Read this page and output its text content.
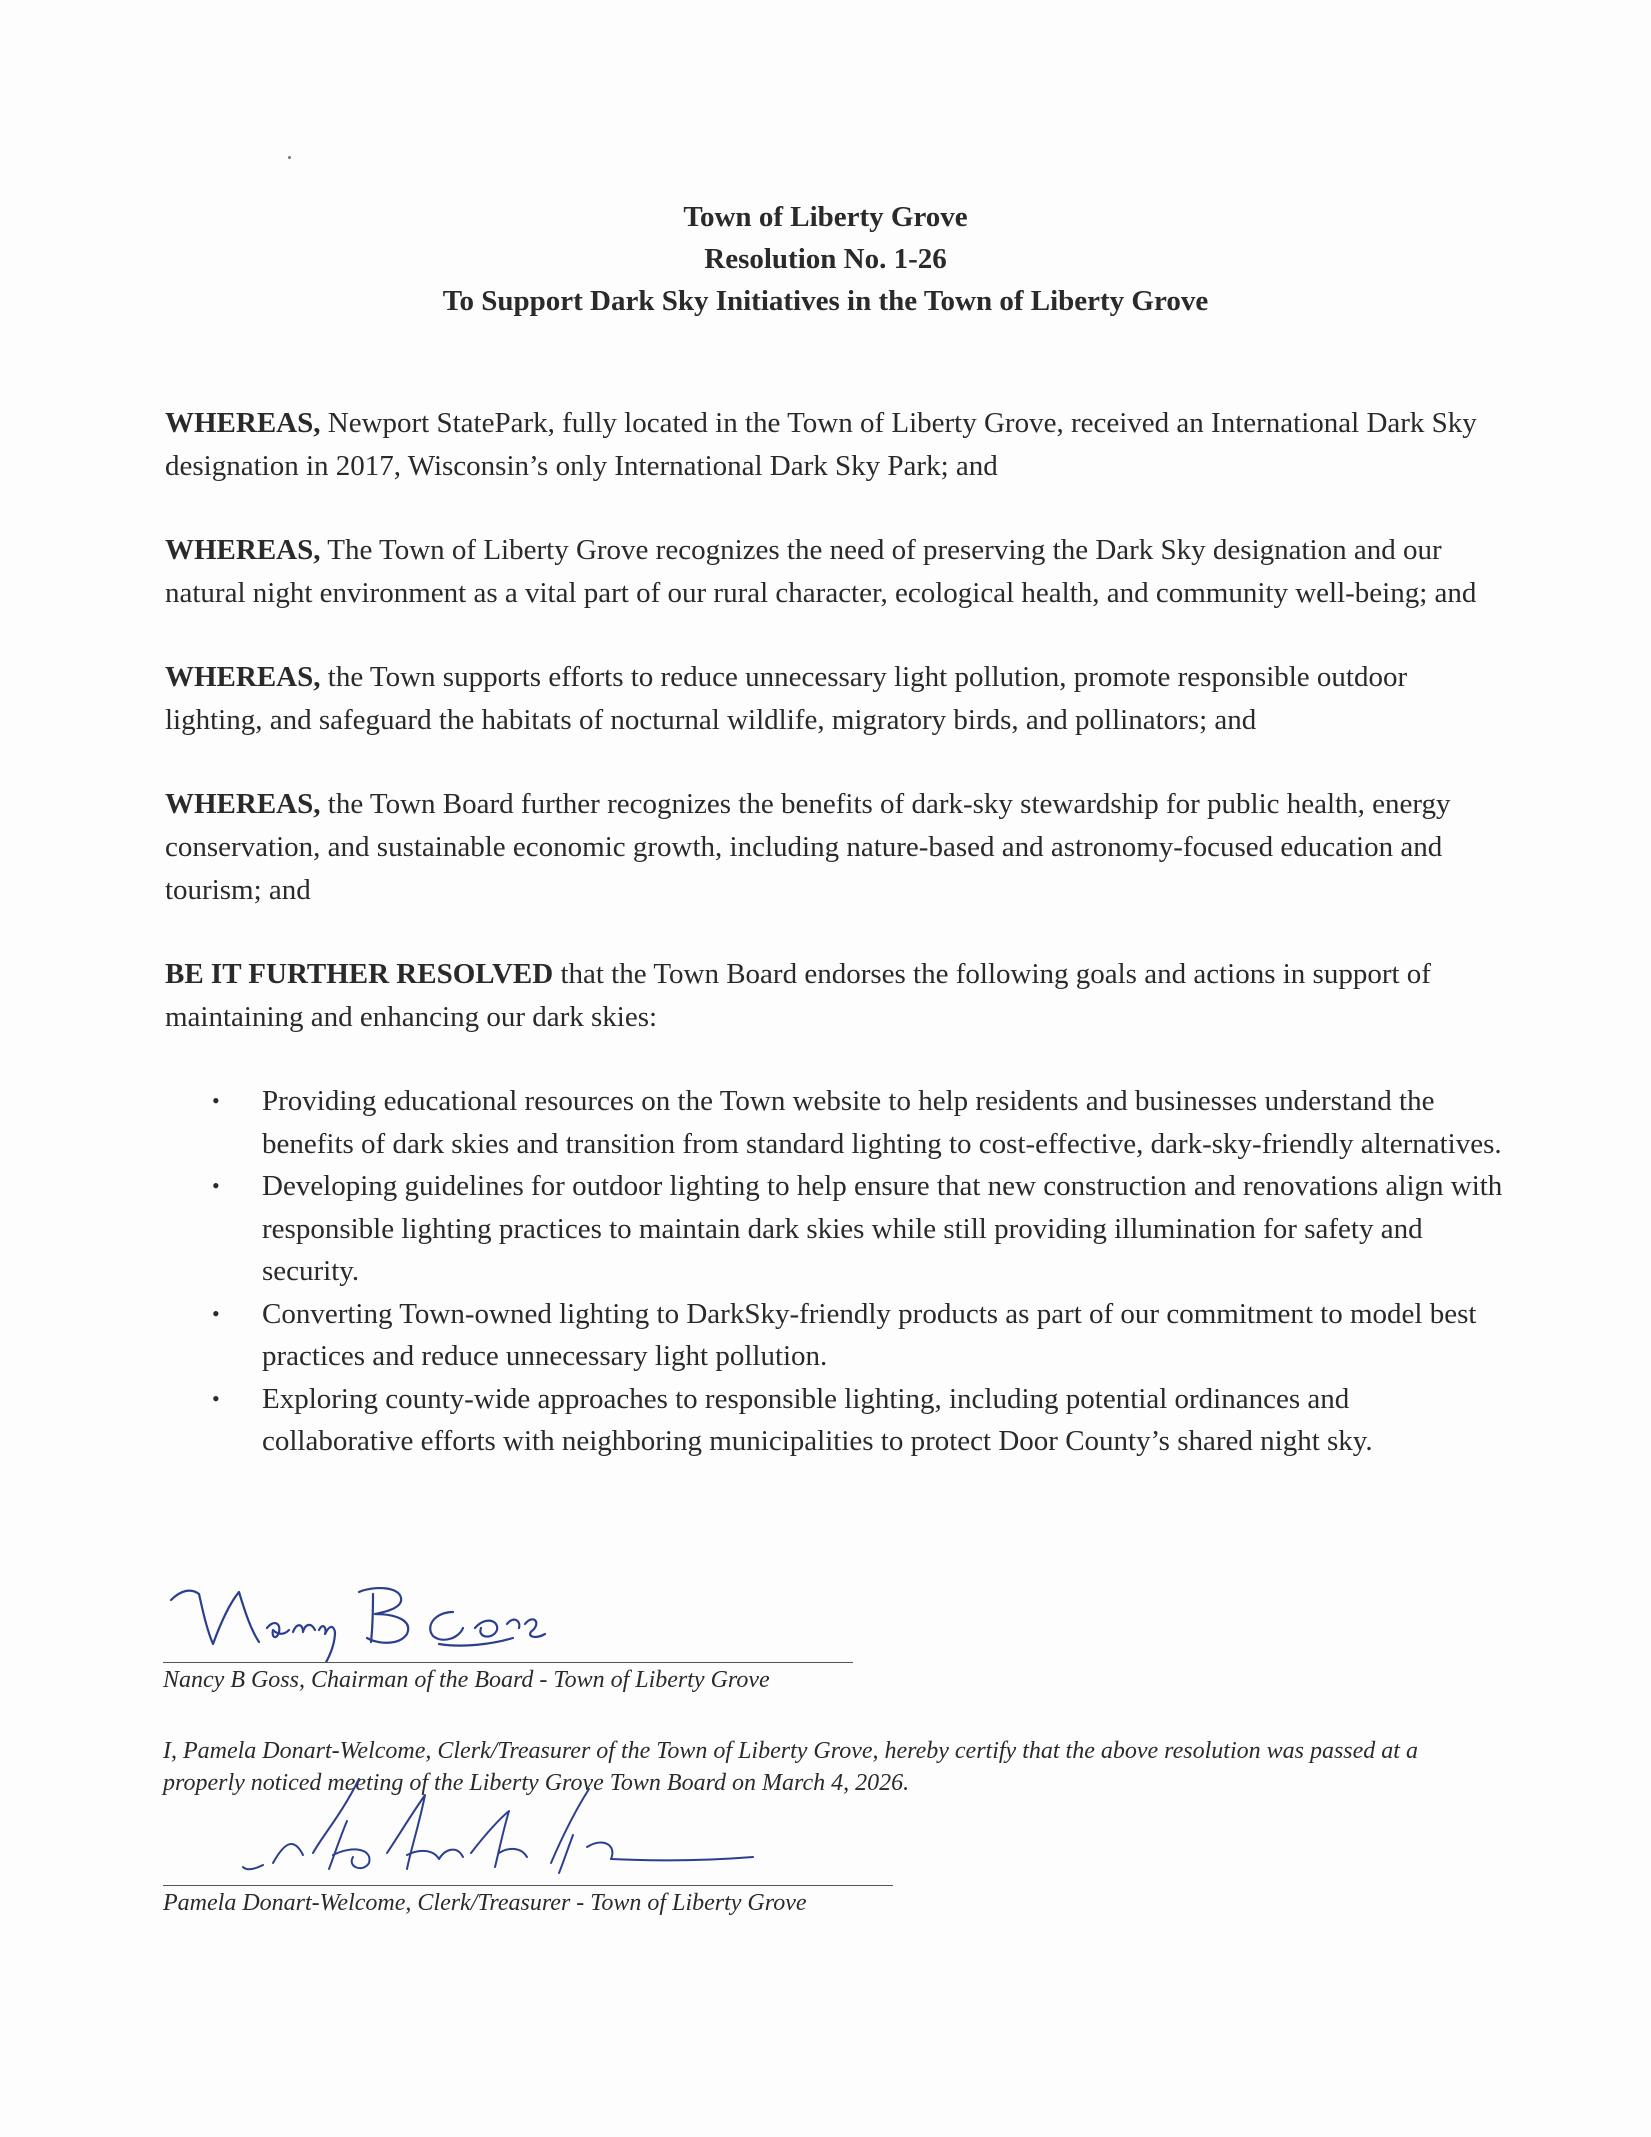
Town of Liberty Grove
Resolution No. 1-26
To Support Dark Sky Initiatives in the Town of Liberty Grove

WHEREAS, Newport StatePark, fully located in the Town of Liberty Grove, received an International Dark Sky designation in 2017, Wisconsin’s only International Dark Sky Park; and

WHEREAS, The Town of Liberty Grove recognizes the need of preserving the Dark Sky designation and our natural night environment as a vital part of our rural character, ecological health, and community well-being; and

WHEREAS, the Town supports efforts to reduce unnecessary light pollution, promote responsible outdoor lighting, and safeguard the habitats of nocturnal wildlife, migratory birds, and pollinators; and

WHEREAS, the Town Board further recognizes the benefits of dark-sky stewardship for public health, energy conservation, and sustainable economic growth, including nature-based and astronomy-focused education and tourism; and

BE IT FURTHER RESOLVED that the Town Board endorses the following goals and actions in support of maintaining and enhancing our dark skies:

• Providing educational resources on the Town website to help residents and businesses understand the benefits of dark skies and transition from standard lighting to cost-effective, dark-sky-friendly alternatives.
• Developing guidelines for outdoor lighting to help ensure that new construction and renovations align with responsible lighting practices to maintain dark skies while still providing illumination for safety and security.
• Converting Town-owned lighting to DarkSky-friendly products as part of our commitment to model best practices and reduce unnecessary light pollution.
• Exploring county-wide approaches to responsible lighting, including potential ordinances and collaborative efforts with neighboring municipalities to protect Door County’s shared night sky.
Nancy B Goss, Chairman of the Board - Town of Liberty Grove
I, Pamela Donart-Welcome, Clerk/Treasurer of the Town of Liberty Grove, hereby certify that the above resolution was passed at a properly noticed meeting of the Liberty Grove Town Board on March 4, 2026.
Pamela Donart-Welcome, Clerk/Treasurer - Town of Liberty Grove
